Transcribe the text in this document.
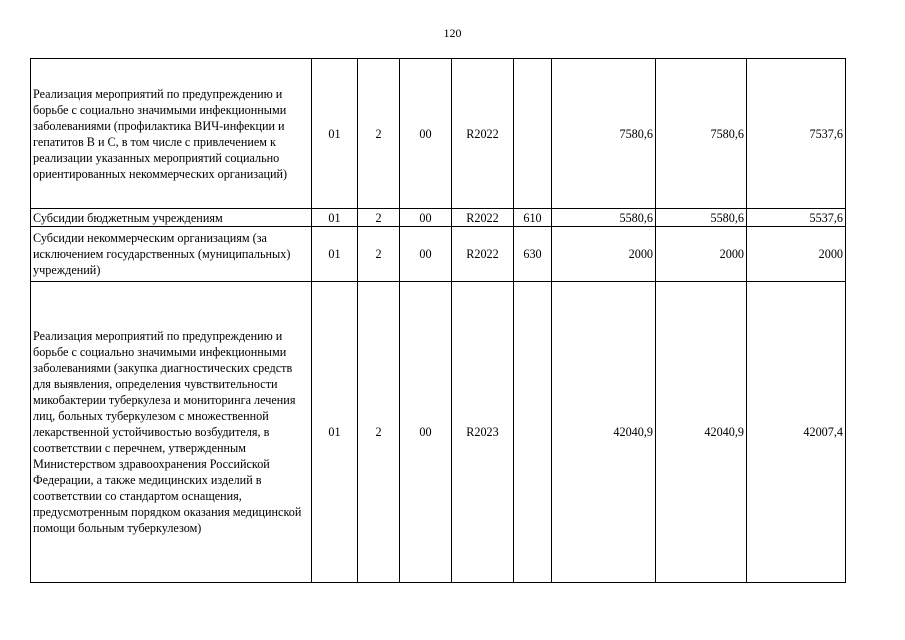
120
Реализация мероприятий по предупреждению и борьбе с социально значимыми инфекционными заболеваниями (профилактика ВИЧ-инфекции и гепатитов B и C, в том числе с привлечением к реализации указанных мероприятий социально ориентированных некоммерческих организаций)	01	2	00	R2022		7580,6	7580,6	7537,6
Субсидии бюджетным учреждениям	01	2	00	R2022	610	5580,6	5580,6	5537,6
Субсидии некоммерческим организациям (за исключением государственных (муниципальных) учреждений)	01	2	00	R2022	630	2000	2000	2000
Реализация мероприятий по предупреждению и борьбе с социально значимыми инфекционными заболеваниями (закупка диагностических средств для выявления, определения чувствительности микобактерии туберкулеза и мониторинга лечения лиц, больных туберкулезом с множественной лекарственной устойчивостью возбудителя, в соответствии с перечнем, утвержденным Министерством здравоохранения Российской Федерации, а также медицинских изделий в соответствии со стандартом оснащения, предусмотренным порядком оказания медицинской помощи больным туберкулезом)	01	2	00	R2023		42040,9	42040,9	42007,4
